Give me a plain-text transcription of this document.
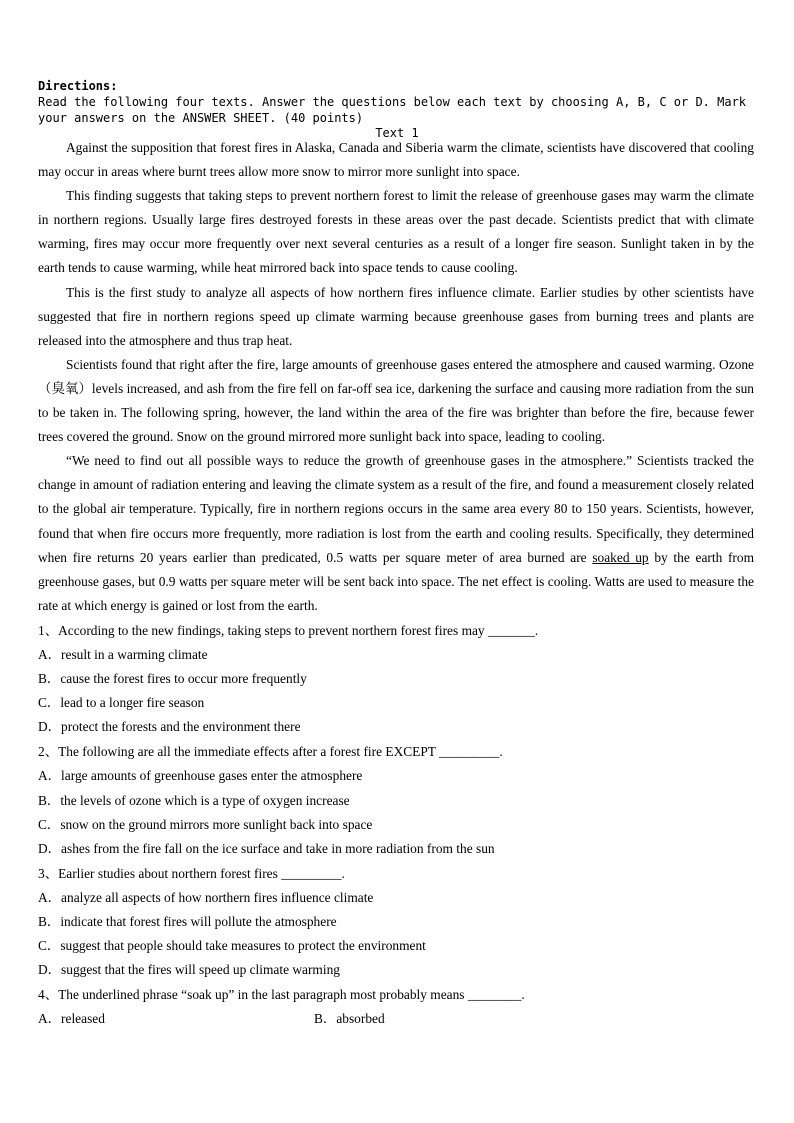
Directions:
Read the following four texts. Answer the questions below each text by choosing A, B, C or D. Mark
your answers on the ANSWER SHEET. (40 points)
Text 1

Against the supposition that forest fires in Alaska, Canada and Siberia warm the climate, scientists have discovered that cooling may occur in areas where burnt trees allow more snow to mirror more sunlight into space.

This finding suggests that taking steps to prevent northern forest to limit the release of greenhouse gases may warm the climate in northern regions. Usually large fires destroyed forests in these areas over the past decade. Scientists predict that with climate warming, fires may occur more frequently over next several centuries as a result of a longer fire season. Sunlight taken in by the earth tends to cause warming, while heat mirrored back into space tends to cause cooling.

This is the first study to analyze all aspects of how northern fires influence climate. Earlier studies by other scientists have suggested that fire in northern regions speed up climate warming because greenhouse gases from burning trees and plants are released into the atmosphere and thus trap heat.

Scientists found that right after the fire, large amounts of greenhouse gases entered the atmosphere and caused warming. Ozone（臭氧）levels increased, and ash from the fire fell on far-off sea ice, darkening the surface and causing more radiation from the sun to be taken in. The following spring, however, the land within the area of the fire was brighter than before the fire, because fewer trees covered the ground. Snow on the ground mirrored more sunlight back into space, leading to cooling.

“We need to find out all possible ways to reduce the growth of greenhouse gases in the atmosphere.” Scientists tracked the change in amount of radiation entering and leaving the climate system as a result of the fire, and found a measurement closely related to the global air temperature. Typically, fire in northern regions occurs in the same area every 80 to 150 years. Scientists, however, found that when fire occurs more frequently, more radiation is lost from the earth and cooling results. Specifically, they determined when fire returns 20 years earlier than predicated, 0.5 watts per square meter of area burned are soaked up by the earth from greenhouse gases, but 0.9 watts per square meter will be sent back into space. The net effect is cooling. Watts are used to measure the rate at which energy is gained or lost from the earth.

1、According to the new findings, taking steps to prevent northern forest fires may _______.

A．result in a warming climate

B．cause the forest fires to occur more frequently

C．lead to a longer fire season

D．protect the forests and the environment there

2、The following are all the immediate effects after a forest fire EXCEPT _________.

A．large amounts of greenhouse gases enter the atmosphere

B．the levels of ozone which is a type of oxygen increase

C．snow on the ground mirrors more sunlight back into space

D．ashes from the fire fall on the ice surface and take in more radiation from the sun

3、Earlier studies about northern forest fires _________.

A．analyze all aspects of how northern fires influence climate

B．indicate that forest fires will pollute the atmosphere

C．suggest that people should take measures to protect the environment

D．suggest that the fires will speed up climate warming

4、The underlined phrase “soak up” in the last paragraph most probably means ________.

A．released	B．absorbed
